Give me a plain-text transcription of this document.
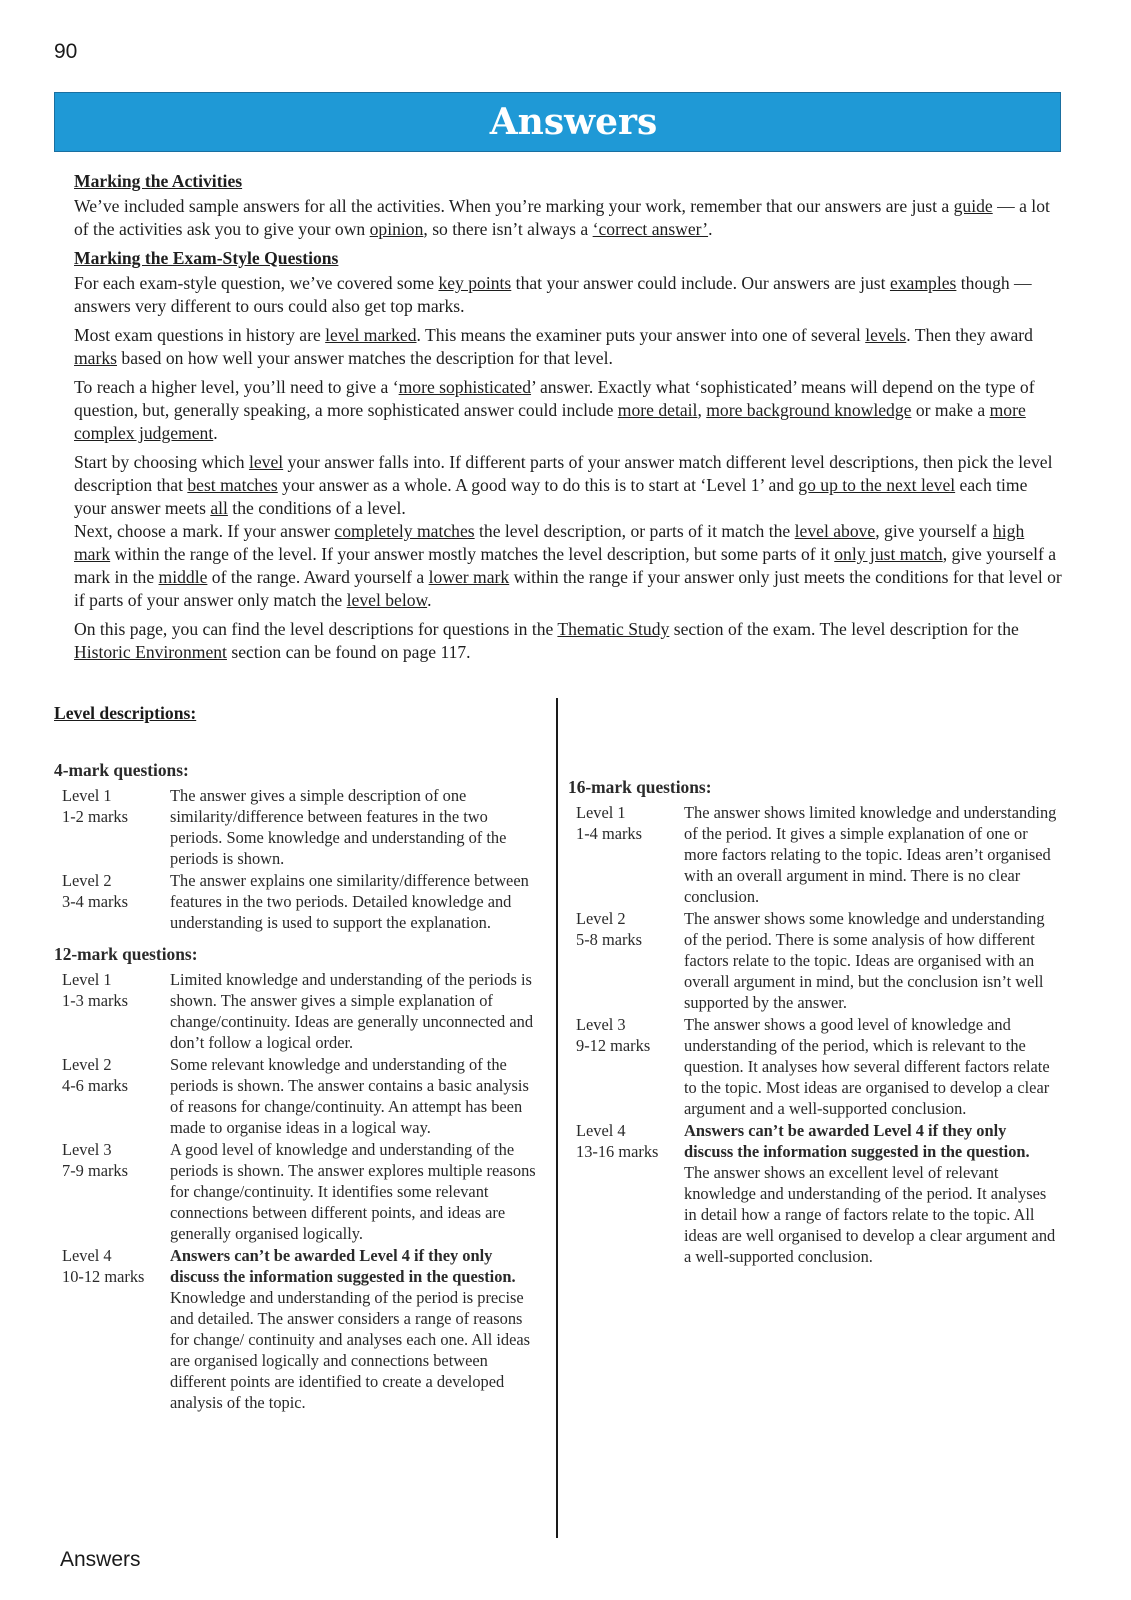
90
Answers
Marking the Activities

We’ve included sample answers for all the activities. When you’re marking your work, remember that our answers are just a guide — a lot of the activities ask you to give your own opinion, so there isn’t always a ‘correct answer’.

Marking the Exam-Style Questions

For each exam-style question, we’ve covered some key points that your answer could include. Our answers are just examples though — answers very different to ours could also get top marks.

Most exam questions in history are level marked. This means the examiner puts your answer into one of several levels. Then they award marks based on how well your answer matches the description for that level.

To reach a higher level, you’ll need to give a ‘more sophisticated’ answer. Exactly what ‘sophisticated’ means will depend on the type of question, but, generally speaking, a more sophisticated answer could include more detail, more background knowledge or make a more complex judgement.

Start by choosing which level your answer falls into. If different parts of your answer match different level descriptions, then pick the level description that best matches your answer as a whole. A good way to do this is to start at ‘Level 1’ and go up to the next level each time your answer meets all the conditions of a level.

Next, choose a mark. If your answer completely matches the level description, or parts of it match the level above, give yourself a high mark within the range of the level. If your answer mostly matches the level description, but some parts of it only just match, give yourself a mark in the middle of the range. Award yourself a lower mark within the range if your answer only just meets the conditions for that level or if parts of your answer only match the level below.

On this page, you can find the level descriptions for questions in the Thematic Study section of the exam. The level description for the Historic Environment section can be found on page 117.

Level descriptions:
4-mark questions:
Level 1
1-2 marks
The answer gives a simple description of one similarity/difference between features in the two periods. Some knowledge and understanding of the periods is shown.
Level 2
3-4 marks
The answer explains one similarity/difference between features in the two periods. Detailed knowledge and understanding is used to support the explanation.
12-mark questions:
Level 1
1-3 marks
Limited knowledge and understanding of the periods is shown. The answer gives a simple explanation of change/continuity. Ideas are generally unconnected and don’t follow a logical order.
Level 2
4-6 marks
Some relevant knowledge and understanding of the periods is shown. The answer contains a basic analysis of reasons for change/continuity. An attempt has been made to organise ideas in a logical way.
Level 3
7-9 marks
A good level of knowledge and understanding of the periods is shown. The answer explores multiple reasons for change/continuity. It identifies some relevant connections between different points, and ideas are generally organised logically.
Level 4
10-12 marks
Answers can’t be awarded Level 4 if they only discuss the information suggested in the question. Knowledge and understanding of the period is precise and detailed. The answer considers a range of reasons for change/ continuity and analyses each one. All ideas are organised logically and connections between different points are identified to create a developed analysis of the topic.
16-mark questions:
Level 1
1-4 marks
The answer shows limited knowledge and understanding of the period. It gives a simple explanation of one or more factors relating to the topic. Ideas aren’t organised with an overall argument in mind. There is no clear conclusion.
Level 2
5-8 marks
The answer shows some knowledge and understanding of the period. There is some analysis of how different factors relate to the topic. Ideas are organised with an overall argument in mind, but the conclusion isn’t well supported by the answer.
Level 3
9-12 marks
The answer shows a good level of knowledge and understanding of the period, which is relevant to the question. It analyses how several different factors relate to the topic. Most ideas are organised to develop a clear argument and a well-supported conclusion.
Level 4
13-16 marks
Answers can’t be awarded Level 4 if they only discuss the information suggested in the question. The answer shows an excellent level of relevant knowledge and understanding of the period. It analyses in detail how a range of factors relate to the topic. All ideas are well organised to develop a clear argument and a well-supported conclusion.
Answers
